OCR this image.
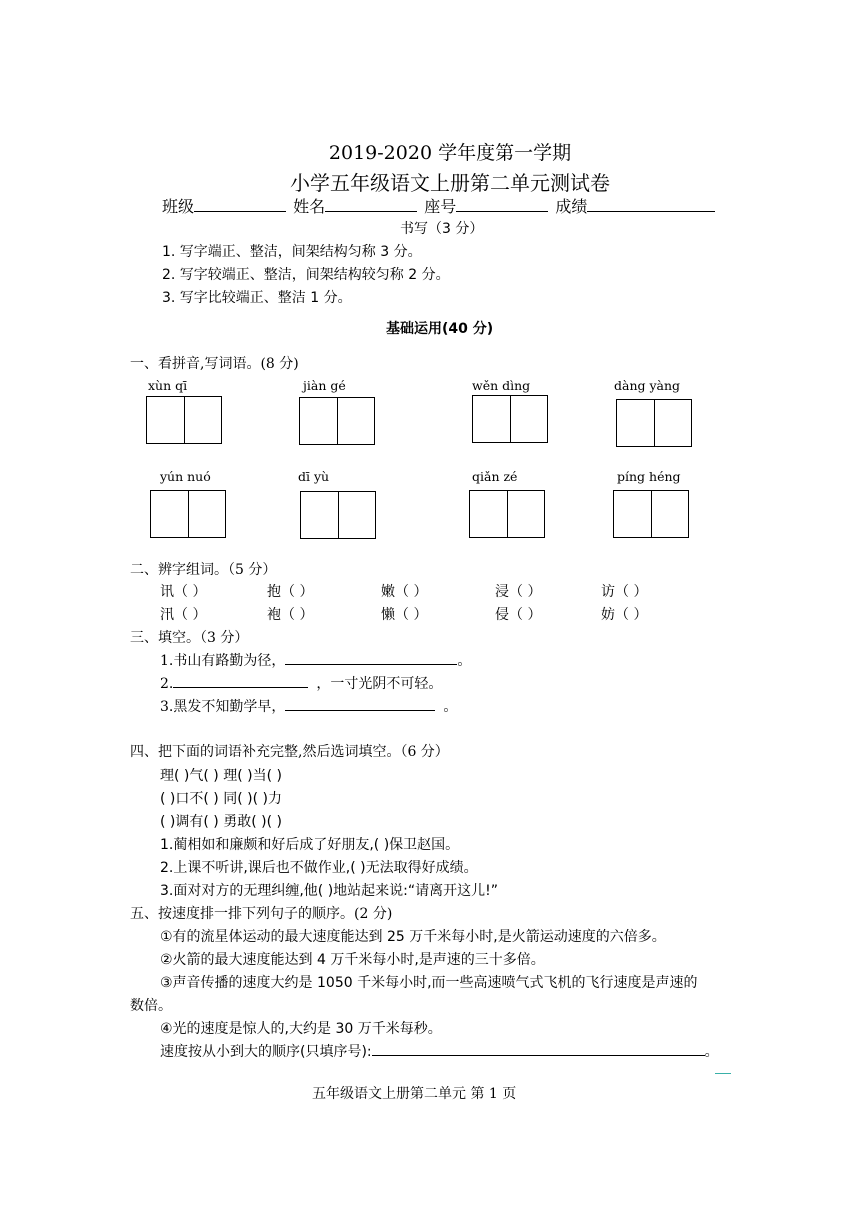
2019-2020 学年度第一学期
小学五年级语文上册第二单元测试卷
班级	姓名	座号	成绩
书写（3 分）
1. 写字端正、整洁，间架结构匀称 3 分。
2. 写字较端正、整洁，间架结构较匀称 2 分。
3. 写字比较端正、整洁 1 分。
基础运用(40 分)
一、看拼音,写词语。(8 分)
xùn qī	jiàn gé	wěn dìng	dàng yàng
yún nuó	dī yù	qiǎn zé	píng héng
二、辨字组词。（5 分）
讯（ ）	抱（ ）	嫩（ ）	浸（ ）	访（ ）
汛（ ）	袍（ ）	懒（ ）	侵（ ）	妨（ ）
三、填空。（3 分）
1.书山有路勤为径，	。
2.	，一寸光阴不可轻。
3.黑发不知勤学早，	。
四、把下面的词语补充完整,然后选词填空。（6 分）
理( )气( ) 理( )当( )
( )口不( ) 同( )( )力
( )调有( ) 勇敢( )( )
1.蔺相如和廉颇和好后成了好朋友,( )保卫赵国。
2.上课不听讲,课后也不做作业,( )无法取得好成绩。
3.面对对方的无理纠缠,他( )地站起来说:“请离开这儿!”
五、按速度排一排下列句子的顺序。(2 分)
①有的流星体运动的最大速度能达到 25 万千米每小时,是火箭运动速度的六倍多。
②火箭的最大速度能达到 4 万千米每小时,是声速的三十多倍。
③声音传播的速度大约是 1050 千米每小时,而一些高速喷气式飞机的飞行速度是声速的
数倍。
④光的速度是惊人的,大约是 30 万千米每秒。
速度按从小到大的顺序(只填序号):	。
五年级语文上册第二单元 第 1 页
